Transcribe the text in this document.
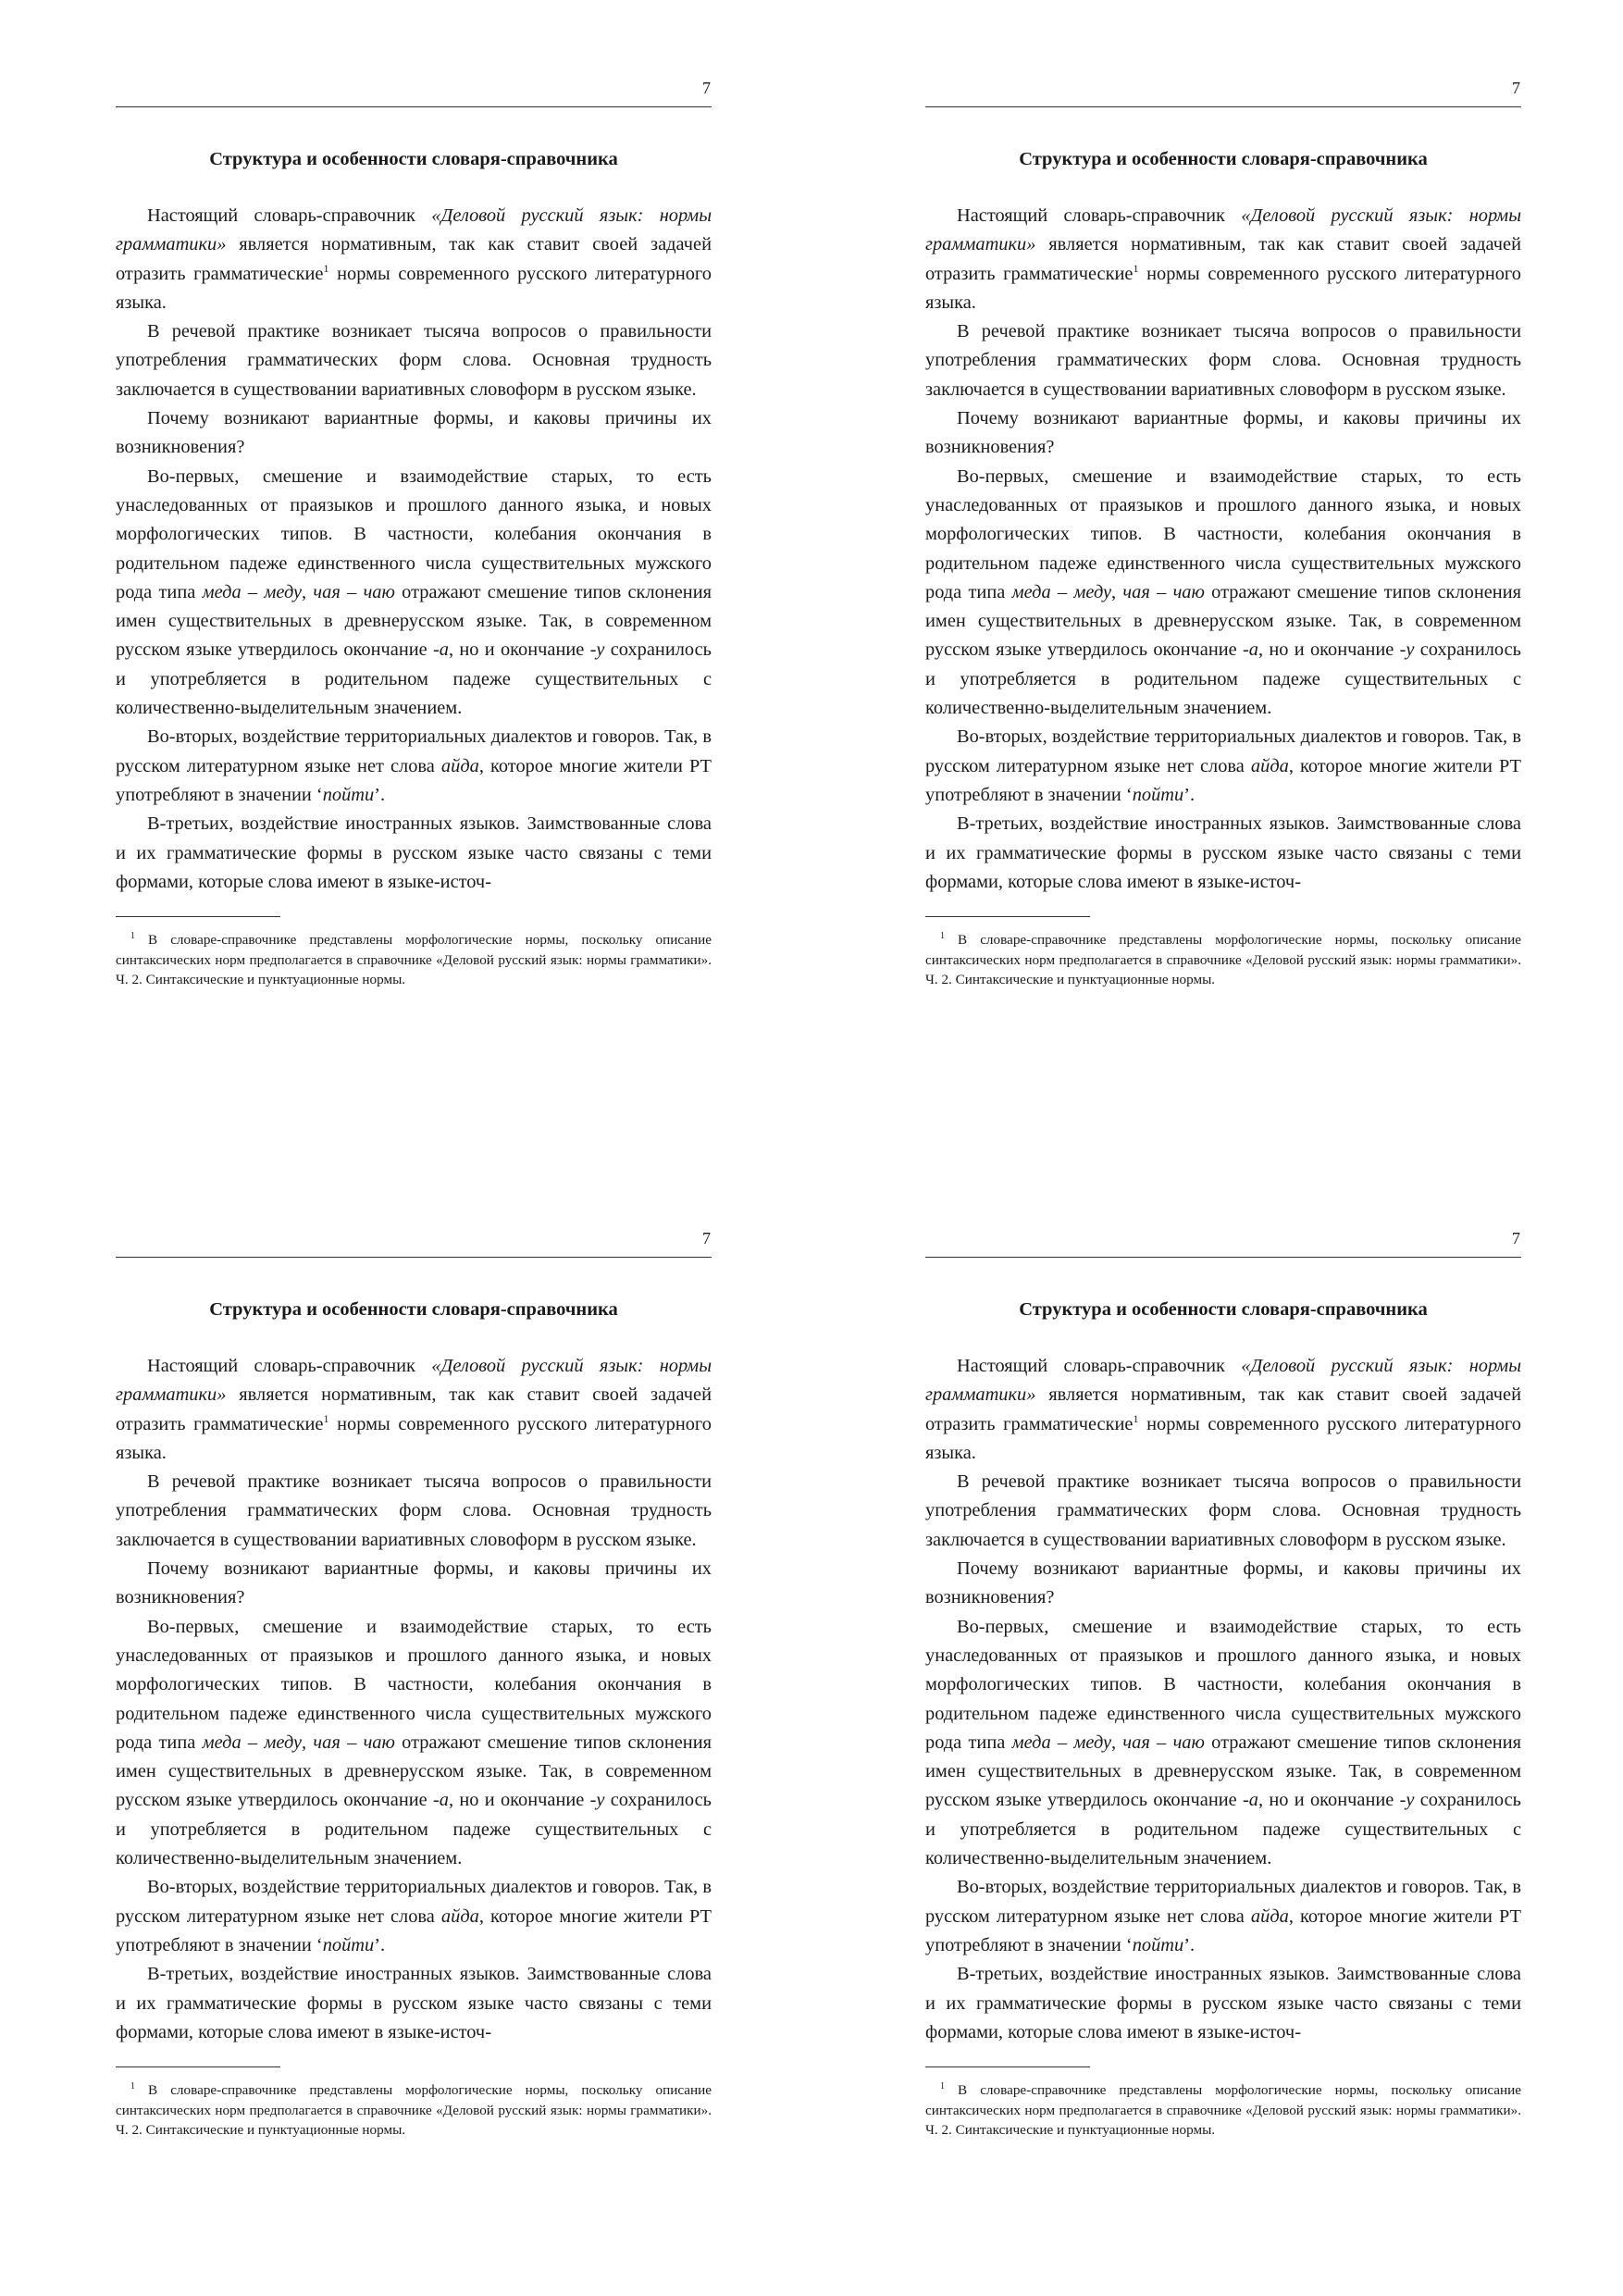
7
Структура и особенности словаря-справочника

Настоящий словарь-справочник «Деловой русский язык: нормы грамматики» является нормативным, так как ставит своей задачей отразить грамматические$^1$ нормы современного русского литературного языка.

В речевой практике возникает тысяча вопросов о правильности употребления грамматических форм слова. Основная трудность заключается в существовании вариативных словоформ в русском языке.

Почему возникают вариантные формы, и каковы причины их возникновения?

Во-первых, смешение и взаимодействие старых, то есть унаследованных от праязыков и прошлого данного языка, и новых морфологических типов. В частности, колебания окончания в родительном падеже единственного числа существительных мужского рода типа меда – меду, чая – чаю отражают смешение типов склонения имен существительных в древнерусском языке. Так, в современном русском языке утвердилось окончание -а, но и окончание -у сохранилось и употребляется в родительном падеже существительных с количественно-выделительным значением.

Во-вторых, воздействие территориальных диалектов и говоров. Так, в русском литературном языке нет слова айда, которое многие жители РТ употребляют в значении ‘пойти’.

В-третьих, воздействие иностранных языков. Заимствованные слова и их грамматические формы в русском языке часто связаны с теми формами, которые слова имеют в языке-источ-

$^1$ В словаре-справочнике представлены морфологические нормы, поскольку описание синтаксических норм предполагается в справочнике «Деловой русский язык: нормы грамматики». Ч. 2. Синтаксические и пунктуационные нормы.
7
Структура и особенности словаря-справочника

Настоящий словарь-справочник «Деловой русский язык: нормы грамматики» является нормативным, так как ставит своей задачей отразить грамматические$^1$ нормы современного русского литературного языка.

В речевой практике возникает тысяча вопросов о правильности употребления грамматических форм слова. Основная трудность заключается в существовании вариативных словоформ в русском языке.

Почему возникают вариантные формы, и каковы причины их возникновения?

Во-первых, смешение и взаимодействие старых, то есть унаследованных от праязыков и прошлого данного языка, и новых морфологических типов. В частности, колебания окончания в родительном падеже единственного числа существительных мужского рода типа меда – меду, чая – чаю отражают смешение типов склонения имен существительных в древнерусском языке. Так, в современном русском языке утвердилось окончание -а, но и окончание -у сохранилось и употребляется в родительном падеже существительных с количественно-выделительным значением.

Во-вторых, воздействие территориальных диалектов и говоров. Так, в русском литературном языке нет слова айда, которое многие жители РТ употребляют в значении ‘пойти’.

В-третьих, воздействие иностранных языков. Заимствованные слова и их грамматические формы в русском языке часто связаны с теми формами, которые слова имеют в языке-источ-

$^1$ В словаре-справочнике представлены морфологические нормы, поскольку описание синтаксических норм предполагается в справочнике «Деловой русский язык: нормы грамматики». Ч. 2. Синтаксические и пунктуационные нормы.
7
Структура и особенности словаря-справочника

Настоящий словарь-справочник «Деловой русский язык: нормы грамматики» является нормативным, так как ставит своей задачей отразить грамматические$^1$ нормы современного русского литературного языка.

В речевой практике возникает тысяча вопросов о правильности употребления грамматических форм слова. Основная трудность заключается в существовании вариативных словоформ в русском языке.

Почему возникают вариантные формы, и каковы причины их возникновения?

Во-первых, смешение и взаимодействие старых, то есть унаследованных от праязыков и прошлого данного языка, и новых морфологических типов. В частности, колебания окончания в родительном падеже единственного числа существительных мужского рода типа меда – меду, чая – чаю отражают смешение типов склонения имен существительных в древнерусском языке. Так, в современном русском языке утвердилось окончание -а, но и окончание -у сохранилось и употребляется в родительном падеже существительных с количественно-выделительным значением.

Во-вторых, воздействие территориальных диалектов и говоров. Так, в русском литературном языке нет слова айда, которое многие жители РТ употребляют в значении ‘пойти’.

В-третьих, воздействие иностранных языков. Заимствованные слова и их грамматические формы в русском языке часто связаны с теми формами, которые слова имеют в языке-источ-

$^1$ В словаре-справочнике представлены морфологические нормы, поскольку описание синтаксических норм предполагается в справочнике «Деловой русский язык: нормы грамматики». Ч. 2. Синтаксические и пунктуационные нормы.
7
Структура и особенности словаря-справочника

Настоящий словарь-справочник «Деловой русский язык: нормы грамматики» является нормативным, так как ставит своей задачей отразить грамматические$^1$ нормы современного русского литературного языка.

В речевой практике возникает тысяча вопросов о правильности употребления грамматических форм слова. Основная трудность заключается в существовании вариативных словоформ в русском языке.

Почему возникают вариантные формы, и каковы причины их возникновения?

Во-первых, смешение и взаимодействие старых, то есть унаследованных от праязыков и прошлого данного языка, и новых морфологических типов. В частности, колебания окончания в родительном падеже единственного числа существительных мужского рода типа меда – меду, чая – чаю отражают смешение типов склонения имен существительных в древнерусском языке. Так, в современном русском языке утвердилось окончание -а, но и окончание -у сохранилось и употребляется в родительном падеже существительных с количественно-выделительным значением.

Во-вторых, воздействие территориальных диалектов и говоров. Так, в русском литературном языке нет слова айда, которое многие жители РТ употребляют в значении ‘пойти’.

В-третьих, воздействие иностранных языков. Заимствованные слова и их грамматические формы в русском языке часто связаны с теми формами, которые слова имеют в языке-источ-

$^1$ В словаре-справочнике представлены морфологические нормы, поскольку описание синтаксических норм предполагается в справочнике «Деловой русский язык: нормы грамматики». Ч. 2. Синтаксические и пунктуационные нормы.
